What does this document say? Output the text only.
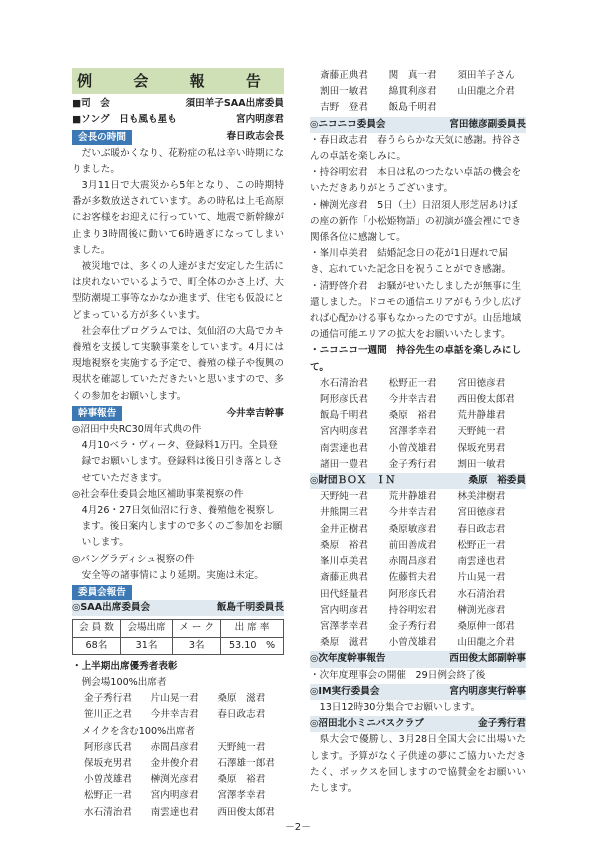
例 会 報 告
■司　会	須田羊子SAA出席委員
■ソング　日も風も星も	宮内明彦君
会長の時間	春日政志会長
だいぶ暖かくなり、花粉症の私は辛い時期になりました。
3月11日で大震災から5年となり、この時期特番が多数放送されています。あの時私は上毛高原にお客様をお迎えに行っていて、地震で新幹線が止まり3時間後に動いて6時過ぎになってしまいました。
被災地では、多くの人達がまだ安定した生活には戻れないでいるようで、町全体のかさ上げ、大型防潮堤工事等なかなか進まず、住宅も仮設にとどまっている方が多くいます。
社会奉仕プログラムでは、気仙沼の大島でカキ養殖を支援して実験事業をしています。4月には現地視察を実施する予定で、養殖の様子や復興の現状を確認していただきたいと思いますので、多くの参加をお願いします。
幹事報告	今井幸吉幹事
◎沼田中央RC30周年式典の件
4月10ベラ・ヴィータ、登録料1万円。全員登録でお願いします。登録料は後日引き落としさせていただきます。
◎社会奉仕委員会地区補助事業視察の件
4月26・27日気仙沼に行き、養殖他を視察します。後日案内しますので多くのご参加をお願いします。
◎バングラディシュ視察の件
安全等の諸事情により延期。実施は未定。
委員会報告
◎SAA出席委員会	飯島千明委員長
会 員 数	会場出席	メ ー ク	出 席 率
68名	31名	3名	53.10　%
・上半期出席優秀者表彰
例会場100%出席者
金子秀行君	片山晃一君	桑原　滋君
笹川正之君	今井幸吉君	春日政志君
メイクを含む100%出席者
阿形彦氏君	赤間昌彦君	天野純一君
保坂充男君	金井俊介君	石澤雄一郎君
小曽茂雄君	榊渕光彦君	桑原　裕君
松野正一君	宮内明彦君	宮澤孝幸君
水石清治君	南雲達也君	西田俊太郎君
斎藤正典君	関　真一君	須田羊子さん
割田一敏君	綿貫利彦君	山田龍之介君
吉野　登君	飯島千明君
◎ニコニコ委員会	宮田徳彦副委員長
・春日政志君　春うららかな天気に感謝。持谷さんの卓話を楽しみに。
・持谷明宏君　本日は私のつたない卓話の機会をいただきありがとうございます。
・榊渕光彦君　5日（土）日沼須人形芝居あけぼの座の新作「小松姫物語」の初演が盛会裡にでき関係各位に感謝して。
・峯川卓美君　結婚記念日の花が1日遅れで届き、忘れていた記念日を祝うことができ感謝。
・清野啓介君　お騒がせいたしましたが無事に生還しました。ドコモの通信エリアがもう少し広げれば心配かける事もなかったのですが。山岳地域の通信可能エリアの拡大をお願いいたします。
・ニコニコ一週間　持谷先生の卓話を楽しみにして。
水石清治君	松野正一君	宮田徳彦君
阿形彦氏君	今井幸吉君	西田俊太郎君
飯島千明君	桑原　裕君	荒井静雄君
宮内明彦君	宮澤孝幸君	天野純一君
南雲達也君	小曽茂雄君	保坂充男君
諸田一豊君	金子秀行君	割田一敏君
◎財団ＢＯＸ　ＩＮ	桑原　裕委員
天野純一君	荒井静雄君	林美津樹君
井熊開三君	今井幸吉君	宮田徳彦君
金井正樹君	桑原敏彦君	春日政志君
桑原　裕君	前田善成君	松野正一君
峯川卓美君	赤間昌彦君	南雲達也君
斎藤正典君	佐藤哲夫君	片山晃一君
田代経量君	阿形彦氏君	水石清治君
宮内明彦君	持谷明宏君	榊渕光彦君
宮澤孝幸君	金子秀行君	桑原伸一郎君
桑原　滋君	小曽茂雄君	山田龍之介君
◎次年度幹事報告	西田俊太郎副幹事
・次年度理事会の開催　29日例会終了後
◎IM実行委員会	宮内明彦実行幹事
13日12時30分集合でお願いします。
◎沼田北小ミニバスクラブ	金子秀行君
県大会で優勝し、3月28日全国大会に出場いたします。予算がなく子供達の夢にご協力いただきたく、ボックスを回しますので協賛金をお願いいたします。
－2－
